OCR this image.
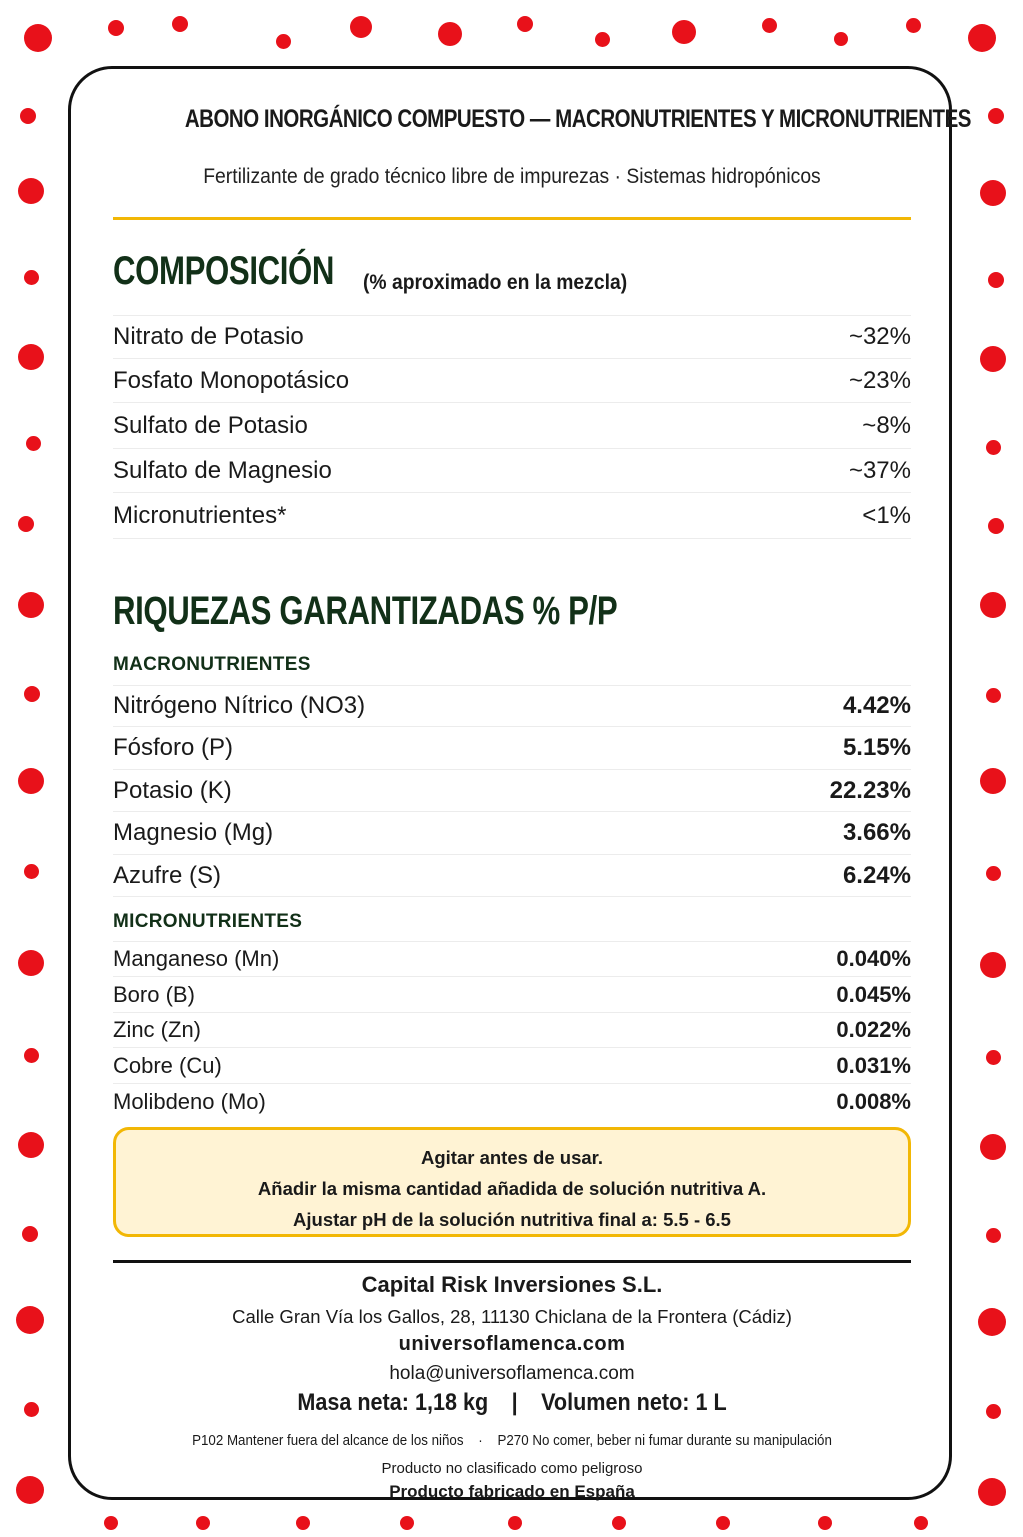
ABONO INORGÁNICO COMPUESTO — MACRONUTRIENTES Y MICRONUTRIENTES
Fertilizante de grado técnico libre de impurezas · Sistemas hidropónicos
COMPOSICIÓN (% aproximado en la mezcla)
Nitrato de Potasio	~32%
Fosfato Monopotásico	~23%
Sulfato de Potasio	~8%
Sulfato de Magnesio	~37%
Micronutrientes*	<1%
RIQUEZAS GARANTIZADAS % P/P
MACRONUTRIENTES
Nitrógeno Nítrico (NO3)	4.42%
Fósforo (P)	5.15%
Potasio (K)	22.23%
Magnesio (Mg)	3.66%
Azufre (S)	6.24%
MICRONUTRIENTES
Manganeso (Mn)	0.040%
Boro (B)	0.045%
Zinc (Zn)	0.022%
Cobre (Cu)	0.031%
Molibdeno (Mo)	0.008%
Agitar antes de usar.
Añadir la misma cantidad añadida de solución nutritiva A.
Ajustar pH de la solución nutritiva final a: 5.5 - 6.5
Capital Risk Inversiones S.L.
Calle Gran Vía los Gallos, 28, 11130 Chiclana de la Frontera (Cádiz)
universoflamenca.com
hola@universoflamenca.com
Masa neta: 1,18 kg | Volumen neto: 1 L
P102 Mantener fuera del alcance de los niños · P270 No comer, beber ni fumar durante su manipulación
Producto no clasificado como peligroso
Producto fabricado en España
